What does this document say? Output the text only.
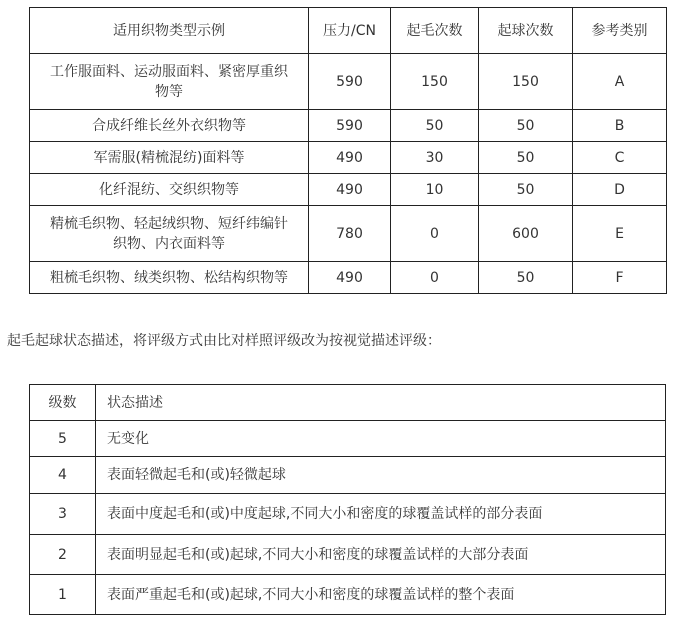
适用织物类型示例	压力/CN	起毛次数	起球次数	参考类别
工作服面料、运动服面料、紧密厚重织物等	590	150	150	A
合成纤维长丝外衣织物等	590	50	50	B
军需服(精梳混纺)面料等	490	30	50	C
化纤混纺、交织织物等	490	10	50	D
精梳毛织物、轻起绒织物、短纤纬编针织物、内衣面料等	780	0	600	E
粗梳毛织物、绒类织物、松结构织物等	490	0	50	F
起毛起球状态描述，将评级方式由比对样照评级改为按视觉描述评级：
级数	状态描述
5	无变化
4	表面轻微起毛和(或)轻微起球
3	表面中度起毛和(或)中度起球,不同大小和密度的球覆盖试样的部分表面
2	表面明显起毛和(或)起球,不同大小和密度的球覆盖试样的大部分表面
1	表面严重起毛和(或)起球,不同大小和密度的球覆盖试样的整个表面
